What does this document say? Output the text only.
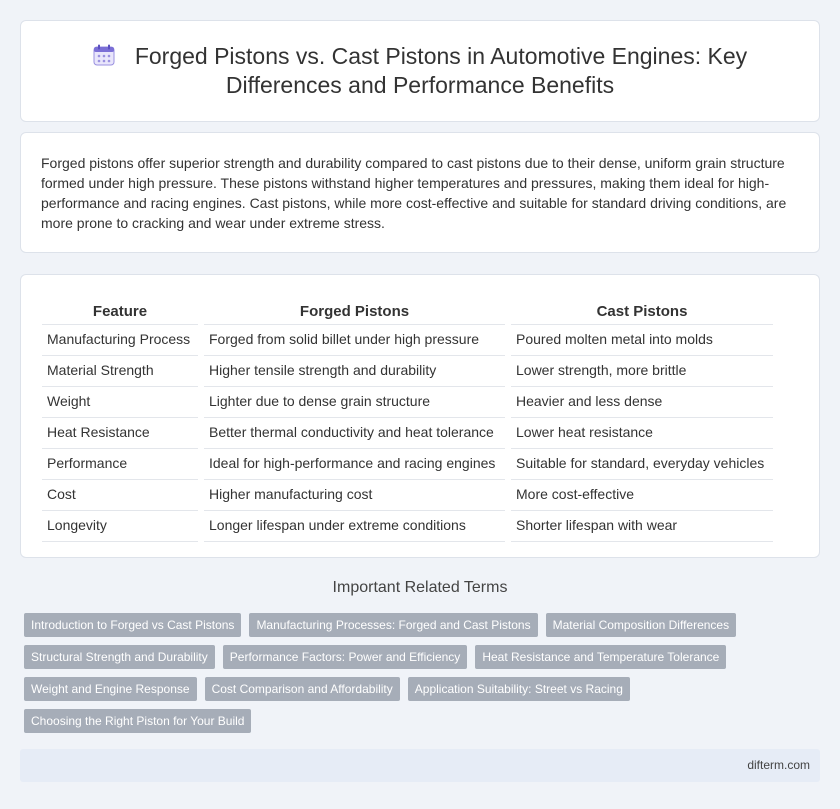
Forged Pistons vs. Cast Pistons in Automotive Engines: Key Differences and Performance Benefits

Forged pistons offer superior strength and durability compared to cast pistons due to their dense, uniform grain structure formed under high pressure. These pistons withstand higher temperatures and pressures, making them ideal for high-performance and racing engines. Cast pistons, while more cost-effective and suitable for standard driving conditions, are more prone to cracking and wear under extreme stress.

Feature	Forged Pistons	Cast Pistons
Manufacturing Process	Forged from solid billet under high pressure	Poured molten metal into molds
Material Strength	Higher tensile strength and durability	Lower strength, more brittle
Weight	Lighter due to dense grain structure	Heavier and less dense
Heat Resistance	Better thermal conductivity and heat tolerance	Lower heat resistance
Performance	Ideal for high-performance and racing engines	Suitable for standard, everyday vehicles
Cost	Higher manufacturing cost	More cost-effective
Longevity	Longer lifespan under extreme conditions	Shorter lifespan with wear
Important Related Terms
Introduction to Forged vs Cast Pistons	Manufacturing Processes: Forged and Cast Pistons	Material Composition Differences
Structural Strength and Durability	Performance Factors: Power and Efficiency	Heat Resistance and Temperature Tolerance
Weight and Engine Response	Cost Comparison and Affordability	Application Suitability: Street vs Racing
Choosing the Right Piston for Your Build
difterm.com
